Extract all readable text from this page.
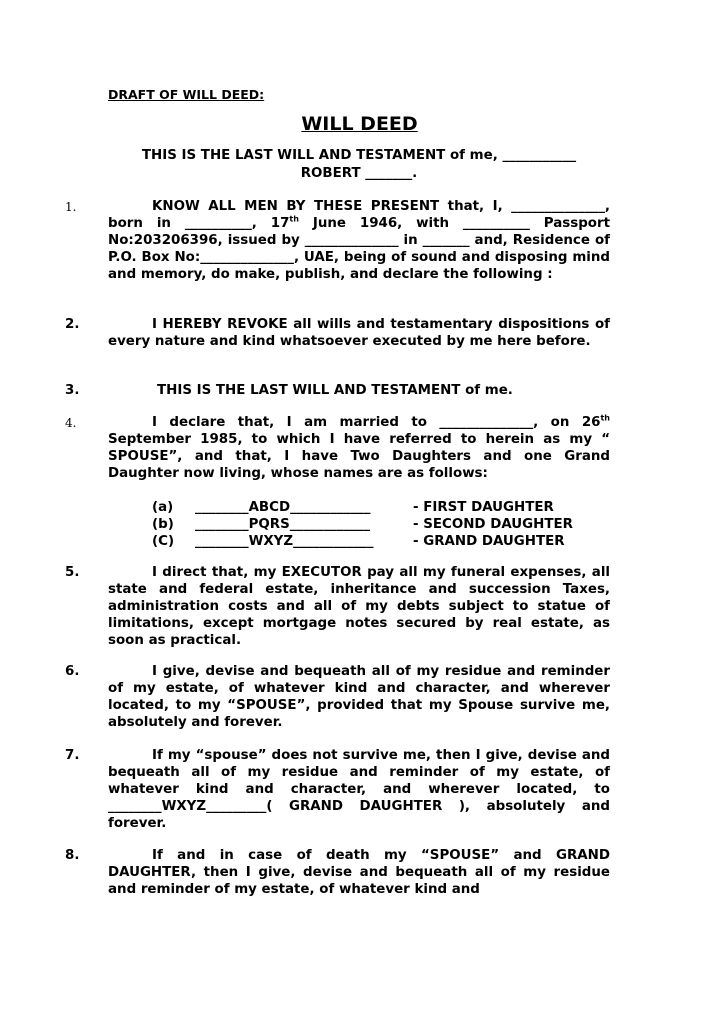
DRAFT OF WILL DEED:
WILL DEED
THIS IS THE LAST WILL AND TESTAMENT of me, ___________
ROBERT _______.
1.	KNOW ALL MEN BY THESE PRESENT that, I, ______________, born in __________, 17th June 1946, with __________ Passport No:203206396, issued by ______________ in _______ and, Residence of P.O. Box No:______________, UAE, being of sound and disposing mind and memory, do make, publish, and declare the following :
2.	I HEREBY REVOKE all wills and testamentary dispositions of every nature and kind whatsoever executed by me here before.
3.	THIS IS THE LAST WILL AND TESTAMENT of me.
4.	I declare that, I am married to ______________, on 26th September 1985, to which I have referred to herein as my “ SPOUSE”, and that, I have Two Daughters and one Grand Daughter now living, whose names are as follows:
(a) ________ABCD____________	- FIRST DAUGHTER
(b) ________PQRS____________	- SECOND DAUGHTER
(C) ________WXYZ____________	- GRAND DAUGHTER
5.	I direct that, my EXECUTOR pay all my funeral expenses, all state and federal estate, inheritance and succession Taxes, administration costs and all of my debts subject to statue of limitations, except mortgage notes secured by real estate, as soon as practical.
6.	I give, devise and bequeath all of my residue and reminder of my estate, of whatever kind and character, and wherever located, to my “SPOUSE”, provided that my Spouse survive me, absolutely and forever.
7.	If my “spouse” does not survive me, then I give, devise and bequeath all of my residue and reminder of my estate, of whatever kind and character, and wherever located, to ________WXYZ_________( GRAND DAUGHTER ), absolutely and forever.
8.	If and in case of death my “SPOUSE” and GRAND DAUGHTER, then I give, devise and bequeath all of my residue and reminder of my estate, of whatever kind and
